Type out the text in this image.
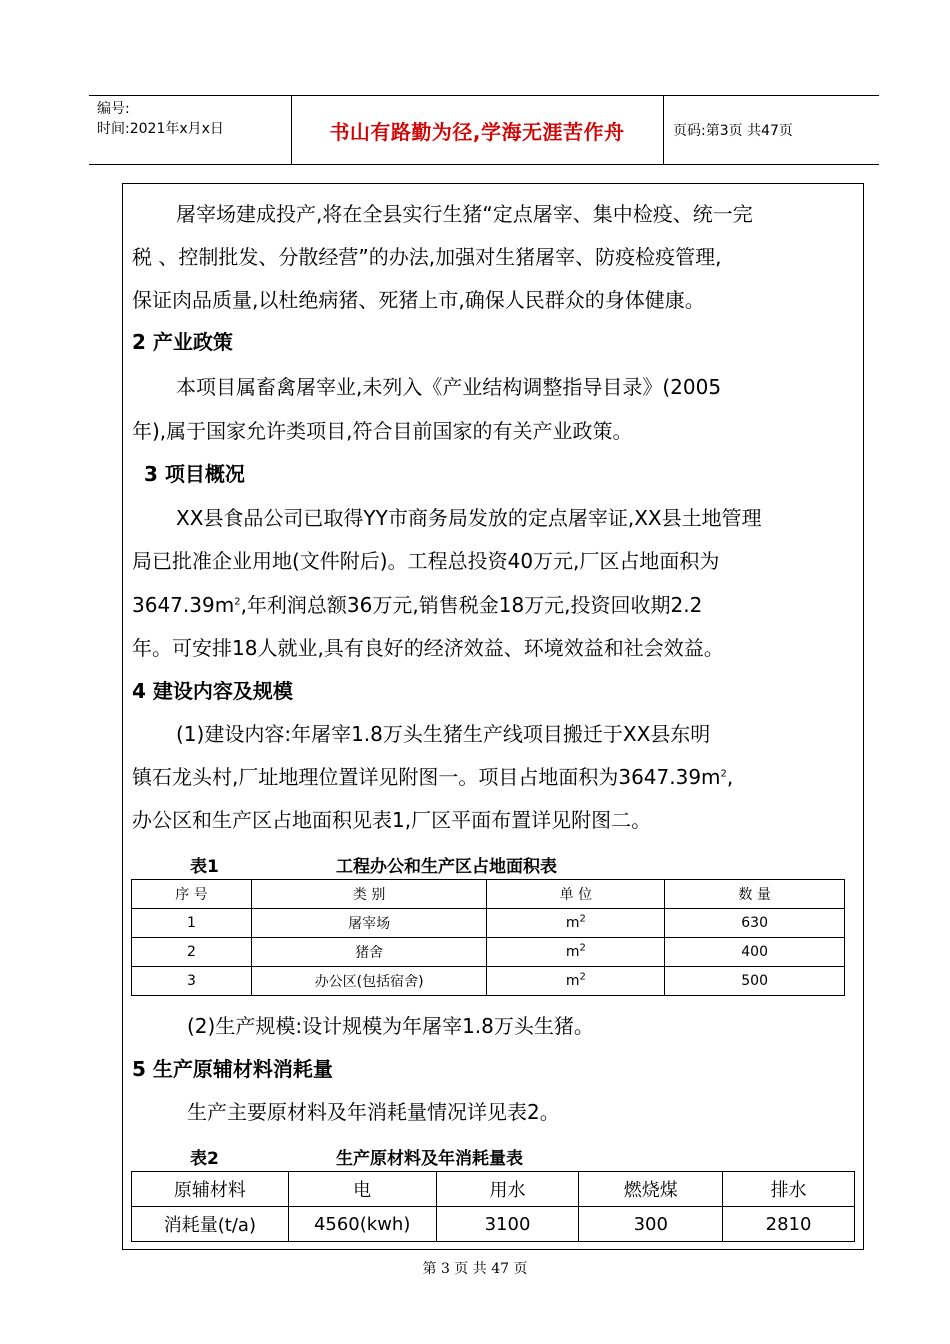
编号:
时间:2021年x月x日	书山有路勤为径,学海无涯苦作舟	页码:第3页 共47页
屠宰场建成投产,将在全县实行生猪“定点屠宰、集中检疫、统一完
税 、控制批发、分散经营”的办法,加强对生猪屠宰、防疫检疫管理,
保证肉品质量,以杜绝病猪、死猪上市,确保人民群众的身体健康。
2 产业政策
本项目属畜禽屠宰业,未列入《产业结构调整指导目录》(2005
年),属于国家允许类项目,符合目前国家的有关产业政策。
3 项目概况
XX县食品公司已取得YY市商务局发放的定点屠宰证,XX县土地管理
局已批准企业用地(文件附后)。工程总投资40万元,厂区占地面积为
$3647.39m^2$,年利润总额36万元,销售税金18万元,投资回收期2.2
年。可安排18人就业,具有良好的经济效益、环境效益和社会效益。
4 建设内容及规模
(1)建设内容:年屠宰1.8万头生猪生产线项目搬迁于XX县东明
镇石龙头村,厂址地理位置详见附图一。项目占地面积为$3647.39m^2$,
办公区和生产区占地面积见表1,厂区平面布置详见附图二。
表1	工程办公和生产区占地面积表
序 号	类 别	单 位	数 量
1	屠宰场	$m^2$	630
2	猪舍	$m^2$	400
3	办公区(包括宿舍)	$m^2$	500
(2)生产规模:设计规模为年屠宰1.8万头生猪。
5 生产原辅材料消耗量
生产主要原材料及年消耗量情况详见表2。
表2	生产原材料及年消耗量表
原辅材料	电	用水	燃烧煤	排水
消耗量(t/a)	4560(kwh)	3100	300	2810
第 3 页 共 47 页
